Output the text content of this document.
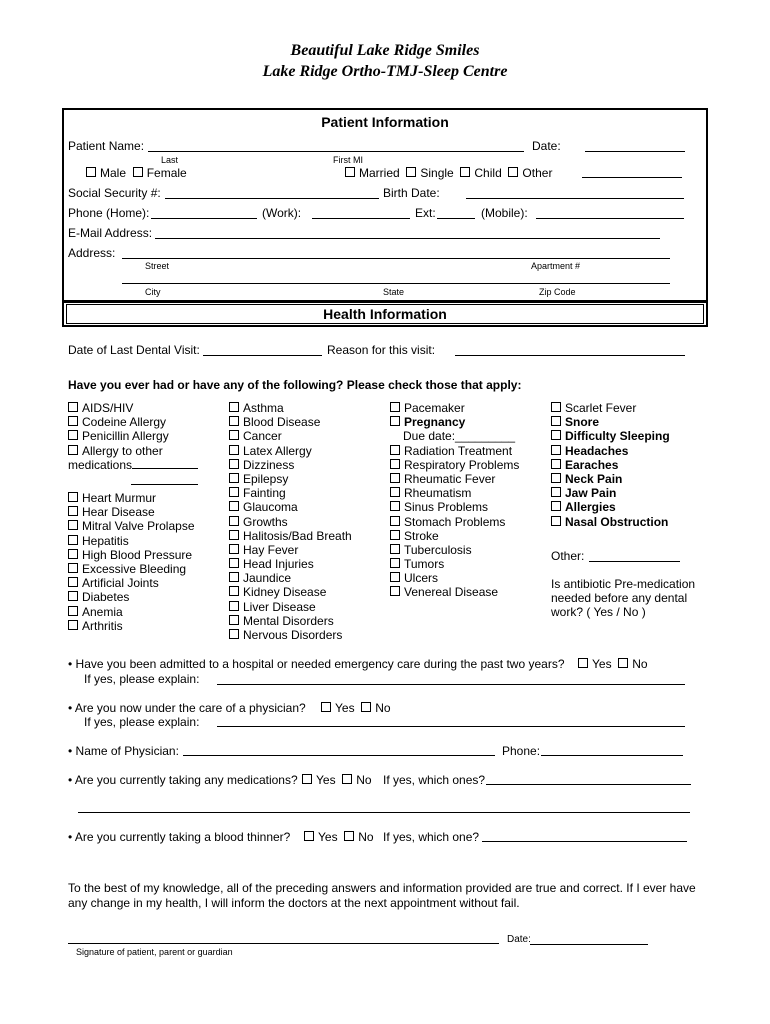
Beautiful Lake Ridge Smiles
Lake Ridge Ortho-TMJ-Sleep Centre
Patient Information
Patient Name:	Date:
Last	First MI
Male Female	Married Single Child Other
Social Security #:	Birth Date:
Phone (Home):	(Work):	Ext:	(Mobile):
E-Mail Address:
Address:
Street	Apartment #
City	State	Zip Code
Health Information
Date of Last Dental Visit:	Reason for this visit:
Have you ever had or have any of the following? Please check those that apply:
AIDS/HIV
Codeine Allergy
Penicillin Allergy
Allergy to other
medications
Heart Murmur
Hear Disease
Mitral Valve Prolapse
Hepatitis
High Blood Pressure
Excessive Bleeding
Artificial Joints
Diabetes
Anemia
Arthritis
Asthma
Blood Disease
Cancer
Latex Allergy
Dizziness
Epilepsy
Fainting
Glaucoma
Growths
Halitosis/Bad Breath
Hay Fever
Head Injuries
Jaundice
Kidney Disease
Liver Disease
Mental Disorders
Nervous Disorders
Pacemaker
Pregnancy
Due date:_________
Radiation Treatment
Respiratory Problems
Rheumatic Fever
Rheumatism
Sinus Problems
Stomach Problems
Stroke
Tuberculosis
Tumors
Ulcers
Venereal Disease
Scarlet Fever
Snore
Difficulty Sleeping
Headaches
Earaches
Neck Pain
Jaw Pain
Allergies
Nasal Obstruction
Other:
Is antibiotic Pre-medication
needed before any dental
work? ( Yes / No )
• Have you been admitted to a hospital or needed emergency care during the past two years?	Yes No
If yes, please explain:
• Are you now under the care of a physician?	Yes No
If yes, please explain:
• Name of Physician:	Phone:
• Are you currently taking any medications?	Yes No If yes, which ones?
• Are you currently taking a blood thinner?	Yes No If yes, which one?
To the best of my knowledge, all of the preceding answers and information provided are true and correct. If I ever have
any change in my health, I will inform the doctors at the next appointment without fail.
Date:
Signature of patient, parent or guardian
